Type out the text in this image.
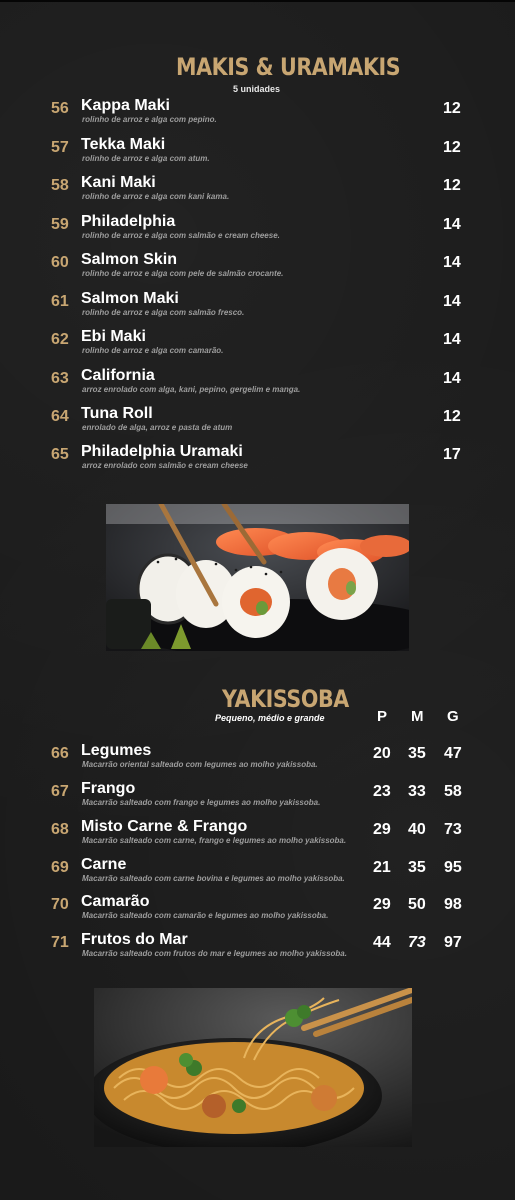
MAKIS & URAMAKIS
5 unidades
56 Kappa Maki
rolinho de arroz e alga com pepino.
12
57 Tekka Maki
rolinho de arroz e alga com atum.
12
58 Kani Maki
rolinho de arroz e alga com kani kama.
12
59 Philadelphia
rolinho de arroz e alga com salmão e cream cheese.
14
60 Salmon Skin
rolinho de arroz e alga com pele de salmão crocante.
14
61 Salmon Maki
rolinho de arroz e alga com salmão fresco.
14
62 Ebi Maki
rolinho de arroz e alga com camarão.
14
63 California
arroz enrolado com alga, kani, pepino, gergelim e manga.
14
64 Tuna Roll
enrolado de alga, arroz e pasta de atum
12
65 Philadelphia Uramaki
arroz enrolado com salmão e cream cheese
17
YAKISSOBA
Pequeno, médio e grande	P M G
66 Legumes
Macarrão oriental salteado com legumes ao molho yakissoba.
20 35 47
67 Frango
Macarrão salteado com frango e legumes ao molho yakissoba.
23 33 58
68 Misto Carne & Frango
Macarrão salteado com carne, frango e legumes ao molho yakissoba.
29 40 73
69 Carne
Macarrão salteado com carne bovina e legumes ao molho yakissoba.
21 35 95
70 Camarão
Macarrão salteado com camarão e legumes ao molho yakissoba.
29 50 98
71 Frutos do Mar
Macarrão salteado com frutos do mar e legumes ao molho yakissoba.
44 73 97
